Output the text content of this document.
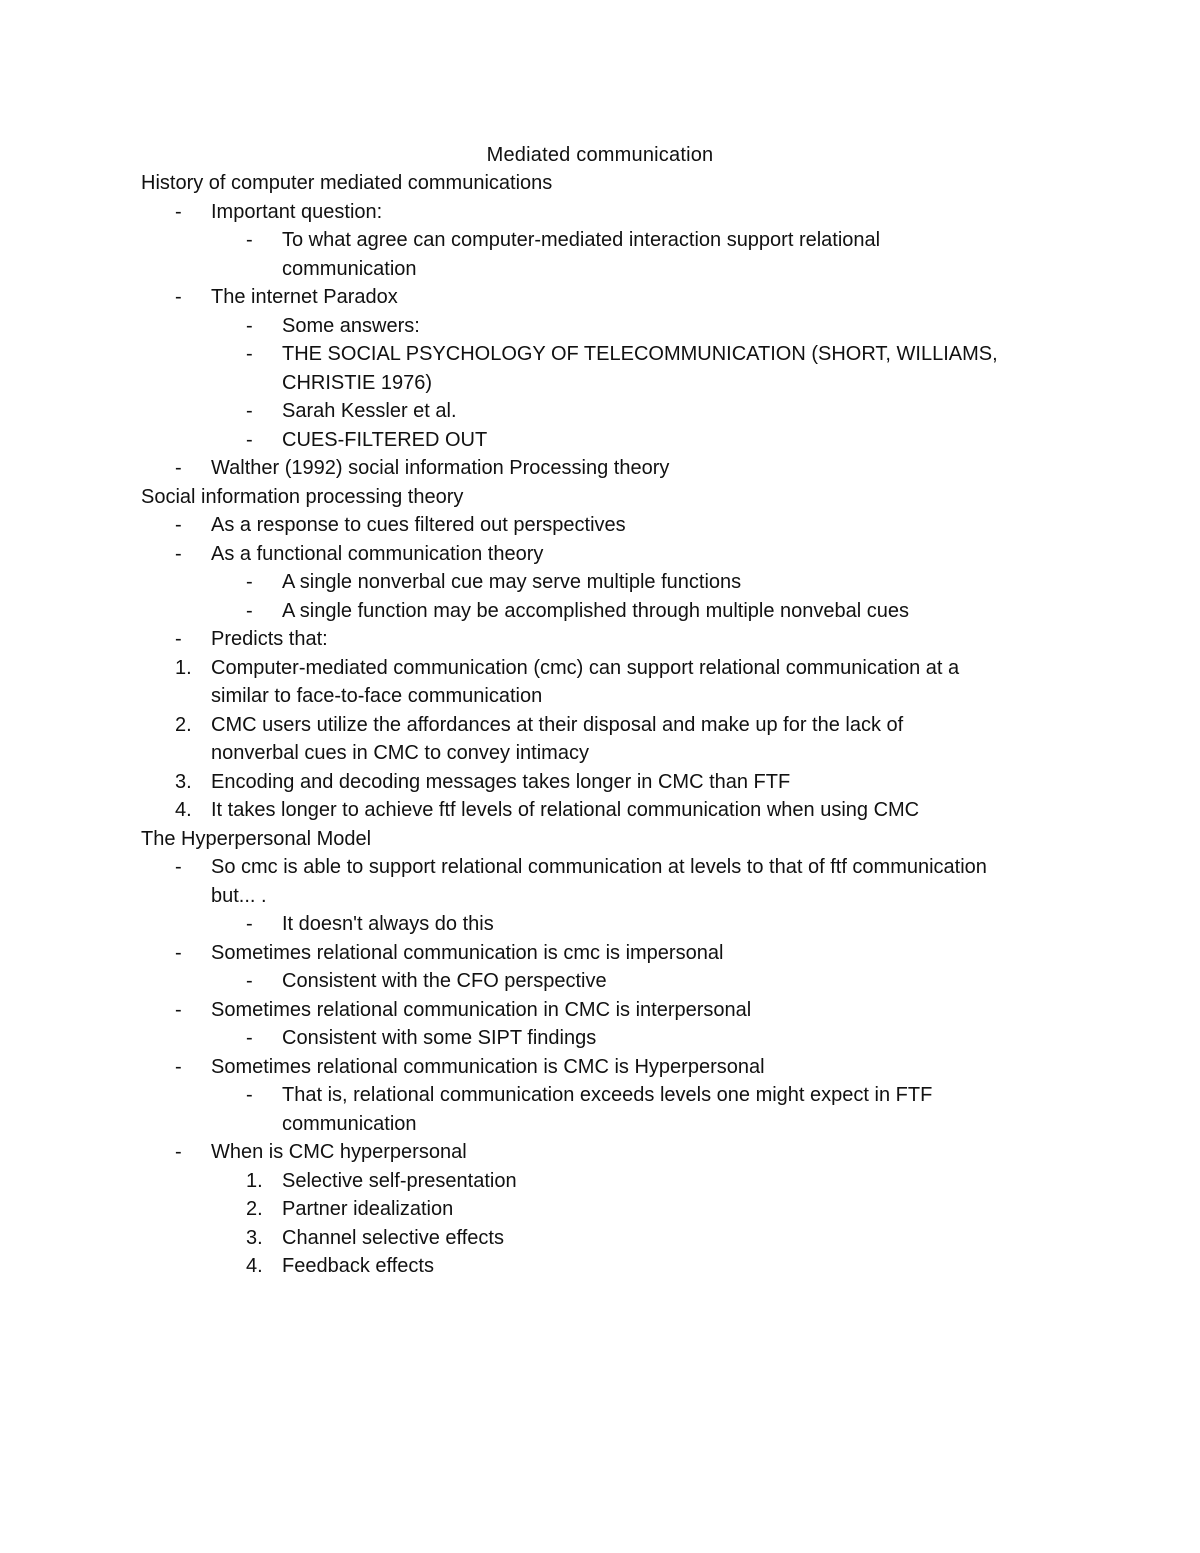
Mediated communication
History of computer mediated communications
- Important question:
- To what agree can computer-mediated interaction support relational
communication
- The internet Paradox
- Some answers:
- THE SOCIAL PSYCHOLOGY OF TELECOMMUNICATION (SHORT, WILLIAMS,
CHRISTIE 1976)
- Sarah Kessler et al.
- CUES-FILTERED OUT
- Walther (1992) social information Processing theory
Social information processing theory
- As a response to cues filtered out perspectives
- As a functional communication theory
- A single nonverbal cue may serve multiple functions
- A single function may be accomplished through multiple nonvebal cues
- Predicts that:
1. Computer-mediated communication (cmc) can support relational communication at a
similar to face-to-face communication
2. CMC users utilize the affordances at their disposal and make up for the lack of
nonverbal cues in CMC to convey intimacy
3. Encoding and decoding messages takes longer in CMC than FTF
4. It takes longer to achieve ftf levels of relational communication when using CMC
The Hyperpersonal Model
- So cmc is able to support relational communication at levels to that of ftf communication
but... .
- It doesn't always do this
- Sometimes relational communication is cmc is impersonal
- Consistent with the CFO perspective
- Sometimes relational communication in CMC is interpersonal
- Consistent with some SIPT findings
- Sometimes relational communication is CMC is Hyperpersonal
- That is, relational communication exceeds levels one might expect in FTF
communication
- When is CMC hyperpersonal
1. Selective self-presentation
2. Partner idealization
3. Channel selective effects
4. Feedback effects
